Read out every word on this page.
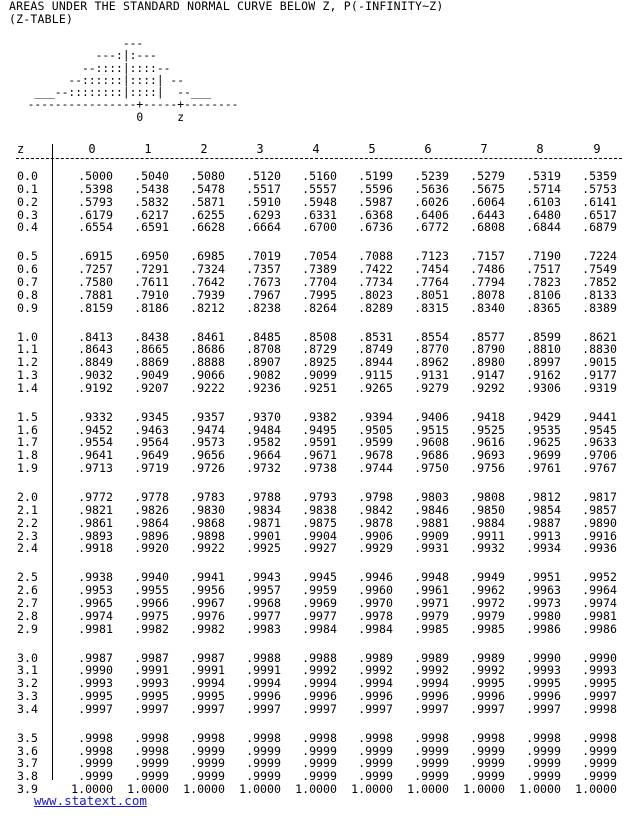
AREAS UNDER THE STANDARD NORMAL CURVE BELOW Z, P(-INFINITY~Z)
(Z-TABLE)
---
---:|:---
--::::|::::--
--::::::|::::| --
___--::::::::|::::|  --___
----------------+-----+--------
0     z
z	0	1	2	3	4	5	6	7	8	9
0.0	.5000	.5040	.5080	.5120	.5160	.5199	.5239	.5279	.5319	.5359
0.1	.5398	.5438	.5478	.5517	.5557	.5596	.5636	.5675	.5714	.5753
0.2	.5793	.5832	.5871	.5910	.5948	.5987	.6026	.6064	.6103	.6141
0.3	.6179	.6217	.6255	.6293	.6331	.6368	.6406	.6443	.6480	.6517
0.4	.6554	.6591	.6628	.6664	.6700	.6736	.6772	.6808	.6844	.6879
0.5	.6915	.6950	.6985	.7019	.7054	.7088	.7123	.7157	.7190	.7224
0.6	.7257	.7291	.7324	.7357	.7389	.7422	.7454	.7486	.7517	.7549
0.7	.7580	.7611	.7642	.7673	.7704	.7734	.7764	.7794	.7823	.7852
0.8	.7881	.7910	.7939	.7967	.7995	.8023	.8051	.8078	.8106	.8133
0.9	.8159	.8186	.8212	.8238	.8264	.8289	.8315	.8340	.8365	.8389
1.0	.8413	.8438	.8461	.8485	.8508	.8531	.8554	.8577	.8599	.8621
1.1	.8643	.8665	.8686	.8708	.8729	.8749	.8770	.8790	.8810	.8830
1.2	.8849	.8869	.8888	.8907	.8925	.8944	.8962	.8980	.8997	.9015
1.3	.9032	.9049	.9066	.9082	.9099	.9115	.9131	.9147	.9162	.9177
1.4	.9192	.9207	.9222	.9236	.9251	.9265	.9279	.9292	.9306	.9319
1.5	.9332	.9345	.9357	.9370	.9382	.9394	.9406	.9418	.9429	.9441
1.6	.9452	.9463	.9474	.9484	.9495	.9505	.9515	.9525	.9535	.9545
1.7	.9554	.9564	.9573	.9582	.9591	.9599	.9608	.9616	.9625	.9633
1.8	.9641	.9649	.9656	.9664	.9671	.9678	.9686	.9693	.9699	.9706
1.9	.9713	.9719	.9726	.9732	.9738	.9744	.9750	.9756	.9761	.9767
2.0	.9772	.9778	.9783	.9788	.9793	.9798	.9803	.9808	.9812	.9817
2.1	.9821	.9826	.9830	.9834	.9838	.9842	.9846	.9850	.9854	.9857
2.2	.9861	.9864	.9868	.9871	.9875	.9878	.9881	.9884	.9887	.9890
2.3	.9893	.9896	.9898	.9901	.9904	.9906	.9909	.9911	.9913	.9916
2.4	.9918	.9920	.9922	.9925	.9927	.9929	.9931	.9932	.9934	.9936
2.5	.9938	.9940	.9941	.9943	.9945	.9946	.9948	.9949	.9951	.9952
2.6	.9953	.9955	.9956	.9957	.9959	.9960	.9961	.9962	.9963	.9964
2.7	.9965	.9966	.9967	.9968	.9969	.9970	.9971	.9972	.9973	.9974
2.8	.9974	.9975	.9976	.9977	.9977	.9978	.9979	.9979	.9980	.9981
2.9	.9981	.9982	.9982	.9983	.9984	.9984	.9985	.9985	.9986	.9986
3.0	.9987	.9987	.9987	.9988	.9988	.9989	.9989	.9989	.9990	.9990
3.1	.9990	.9991	.9991	.9991	.9992	.9992	.9992	.9992	.9993	.9993
3.2	.9993	.9993	.9994	.9994	.9994	.9994	.9994	.9995	.9995	.9995
3.3	.9995	.9995	.9995	.9996	.9996	.9996	.9996	.9996	.9996	.9997
3.4	.9997	.9997	.9997	.9997	.9997	.9997	.9997	.9997	.9997	.9998
3.5	.9998	.9998	.9998	.9998	.9998	.9998	.9998	.9998	.9998	.9998
3.6	.9998	.9998	.9999	.9999	.9999	.9999	.9999	.9999	.9999	.9999
3.7	.9999	.9999	.9999	.9999	.9999	.9999	.9999	.9999	.9999	.9999
3.8	.9999	.9999	.9999	.9999	.9999	.9999	.9999	.9999	.9999	.9999
3.9	1.0000	1.0000	1.0000	1.0000	1.0000	1.0000	1.0000	1.0000	1.0000	1.0000
www.statext.com
